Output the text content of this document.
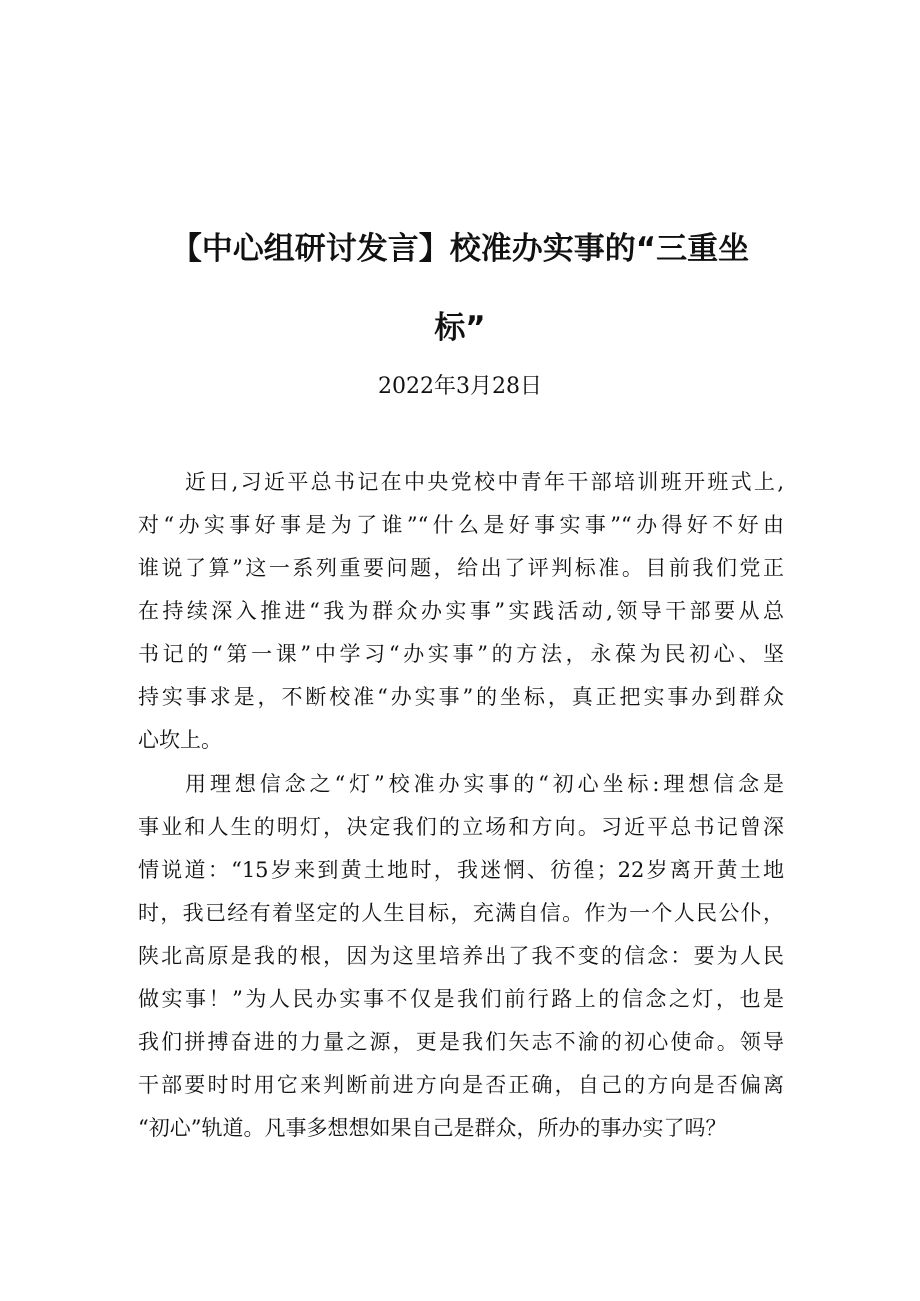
【中心组研讨发言】校准办实事的“三重坐
标”
2022年3月28日
近日,习近平总书记在中央党校中青年干部培训班开班式上,
对“办实事好事是为了谁”“什么是好事实事”“办得好不好由
谁说了算”这一系列重要问题，给出了评判标准。目前我们党正
在持续深入推进“我为群众办实事”实践活动,领导干部要从总
书记的“第一课”中学习“办实事”的方法，永葆为民初心、坚
持实事求是，不断校准“办实事”的坐标，真正把实事办到群众
心坎上。
用理想信念之“灯”校准办实事的“初心坐标:理想信念是
事业和人生的明灯，决定我们的立场和方向。习近平总书记曾深
情说道：“15岁来到黄土地时，我迷惘、彷徨；22岁离开黄土地
时，我已经有着坚定的人生目标，充满自信。作为一个人民公仆，
陕北高原是我的根，因为这里培养出了我不变的信念：要为人民
做实事！”为人民办实事不仅是我们前行路上的信念之灯，也是
我们拼搏奋进的力量之源，更是我们矢志不渝的初心使命。领导
干部要时时用它来判断前进方向是否正确，自己的方向是否偏离
“初心”轨道。凡事多想想如果自己是群众，所办的事办实了吗？
